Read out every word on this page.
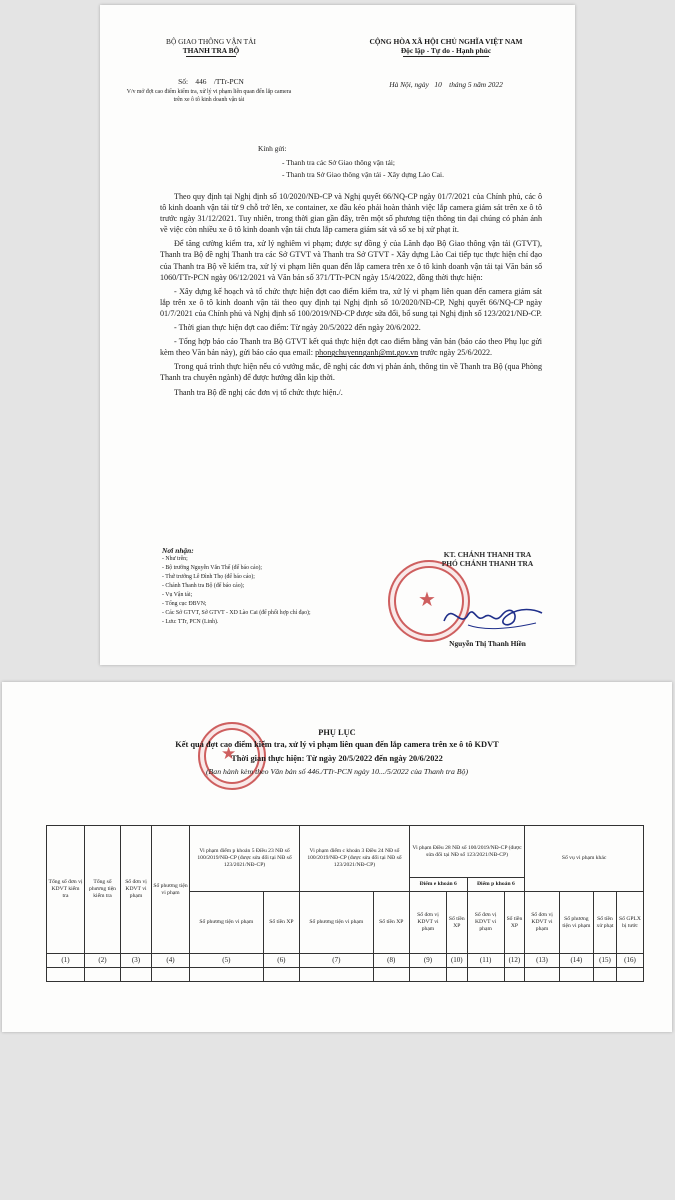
BỘ GIAO THÔNG VẬN TẢI
THANH TRA BỘ
CỘNG HÒA XÃ HỘI CHỦ NGHĨA VIỆT NAM
Độc lập - Tự do - Hạnh phúc
Số:    446    /TTr-PCN
V/v mở đợt cao điểm kiểm tra, xử lý vi phạm liên quan đến lắp camera trên xe ô tô kinh doanh vận tải
Hà Nội, ngày   10    tháng 5 năm 2022
Kính gửi:
- Thanh tra các Sở Giao thông vận tải;
- Thanh tra Sở Giao thông vận tải - Xây dựng Lào Cai.

Theo quy định tại Nghị định số 10/2020/NĐ-CP và Nghị quyết 66/NQ-CP ngày 01/7/2021 của Chính phủ, các ô tô kinh doanh vận tải từ 9 chỗ trở lên, xe container, xe đầu kéo phải hoàn thành việc lắp camera giám sát trên xe ô tô trước ngày 31/12/2021. Tuy nhiên, trong thời gian gần đây, trên một số phương tiện thông tin đại chúng có phản ánh về việc còn nhiều xe ô tô kinh doanh vận tải chưa lắp camera giám sát và số xe bị xử phạt ít.

Để tăng cường kiểm tra, xử lý nghiêm vi phạm; được sự đồng ý của Lãnh đạo Bộ Giao thông vận tải (GTVT), Thanh tra Bộ đề nghị Thanh tra các Sở GTVT và Thanh tra Sở GTVT - Xây dựng Lào Cai tiếp tục thực hiện chỉ đạo của Thanh tra Bộ về kiểm tra, xử lý vi phạm liên quan đến lắp camera trên xe ô tô kinh doanh vận tải tại Văn bản số 1060/TTr-PCN ngày 06/12/2021 và Văn bản số 371/TTr-PCN ngày 15/4/2022, đồng thời thực hiện:

- Xây dựng kế hoạch và tổ chức thực hiện đợt cao điểm kiểm tra, xử lý vi phạm liên quan đến camera giám sát lắp trên xe ô tô kinh doanh vận tải theo quy định tại Nghị định số 10/2020/NĐ-CP, Nghị quyết 66/NQ-CP ngày 01/7/2021 của Chính phủ và Nghị định số 100/2019/NĐ-CP được sửa đổi, bổ sung tại Nghị định số 123/2021/NĐ-CP.

- Thời gian thực hiện đợt cao điểm: Từ ngày 20/5/2022 đến ngày 20/6/2022.

- Tổng hợp báo cáo Thanh tra Bộ GTVT kết quả thực hiện đợt cao điểm bằng văn bản (báo cáo theo Phụ lục gửi kèm theo Văn bản này), gửi báo cáo qua email: phongchuyennganh@mt.gov.vn trước ngày 25/6/2022.

Trong quá trình thực hiện nếu có vướng mắc, đề nghị các đơn vị phản ánh, thông tin về Thanh tra Bộ (qua Phòng Thanh tra chuyên ngành) để được hướng dẫn kịp thời.

Thanh tra Bộ đề nghị các đơn vị tổ chức thực hiện./.

Nơi nhận:
- Như trên;
- Bộ trưởng Nguyễn Văn Thể (để báo cáo);
- Thứ trưởng Lê Đình Thọ (để báo cáo);
- Chánh Thanh tra Bộ (để báo cáo);
- Vụ Vận tải;
- Tổng cục ĐBVN;
- Các Sở GTVT, Sở GTVT - XD Lào Cai (để phối hợp chỉ đạo);
- Lưu: TTr, PCN (Linh).
★
KT. CHÁNH THANH TRA
PHÓ CHÁNH THANH TRA
Nguyễn Thị Thanh Hiền
★
PHỤ LỤC
Kết quả đợt cao điểm kiểm tra, xử lý vi phạm liên quan đến lắp camera trên xe ô tô KDVT
Thời gian thực hiện: Từ ngày 20/5/2022 đến ngày 20/6/2022
(Ban hành kèm theo Văn bản số 446./TTr-PCN ngày 10.../5/2022 của Thanh tra Bộ)
Tổng số đơn vị KDVT kiểm tra	Tổng số phương tiện kiểm tra	Số đơn vị KDVT vi phạm	Số phương tiện vi phạm	Vi phạm điểm p khoản 5 Điều 23 NĐ số 100/2019/NĐ-CP (được sửa đổi tại NĐ số 123/2021/NĐ-CP)		Vi phạm điểm c khoản 3 Điều 24 NĐ số 100/2019/NĐ-CP (được sửa đổi tại NĐ số 123/2021/NĐ-CP)		Vi phạm Điều 28 NĐ số 100/2019/NĐ-CP (được sửa đổi tại NĐ số 123/2021/NĐ-CP)				Số vụ vi phạm khác			
								Điểm e khoản 6		Điểm p khoản 6					
				Số phương tiện vi phạm	Số tiền XP	Số phương tiện vi phạm	Số tiền XP	Số đơn vị KDVT vi phạm	Số tiền XP	Số đơn vị KDVT vi phạm	Số tiền XP	Số đơn vị KDVT vi phạm	Số phương tiện vi phạm	Số tiền xử phạt	Số GPLX bị tước
(1)	(2)	(3)	(4)	(5)	(6)	(7)	(8)	(9)	(10)	(11)	(12)	(13)	(14)	(15)	(16)
